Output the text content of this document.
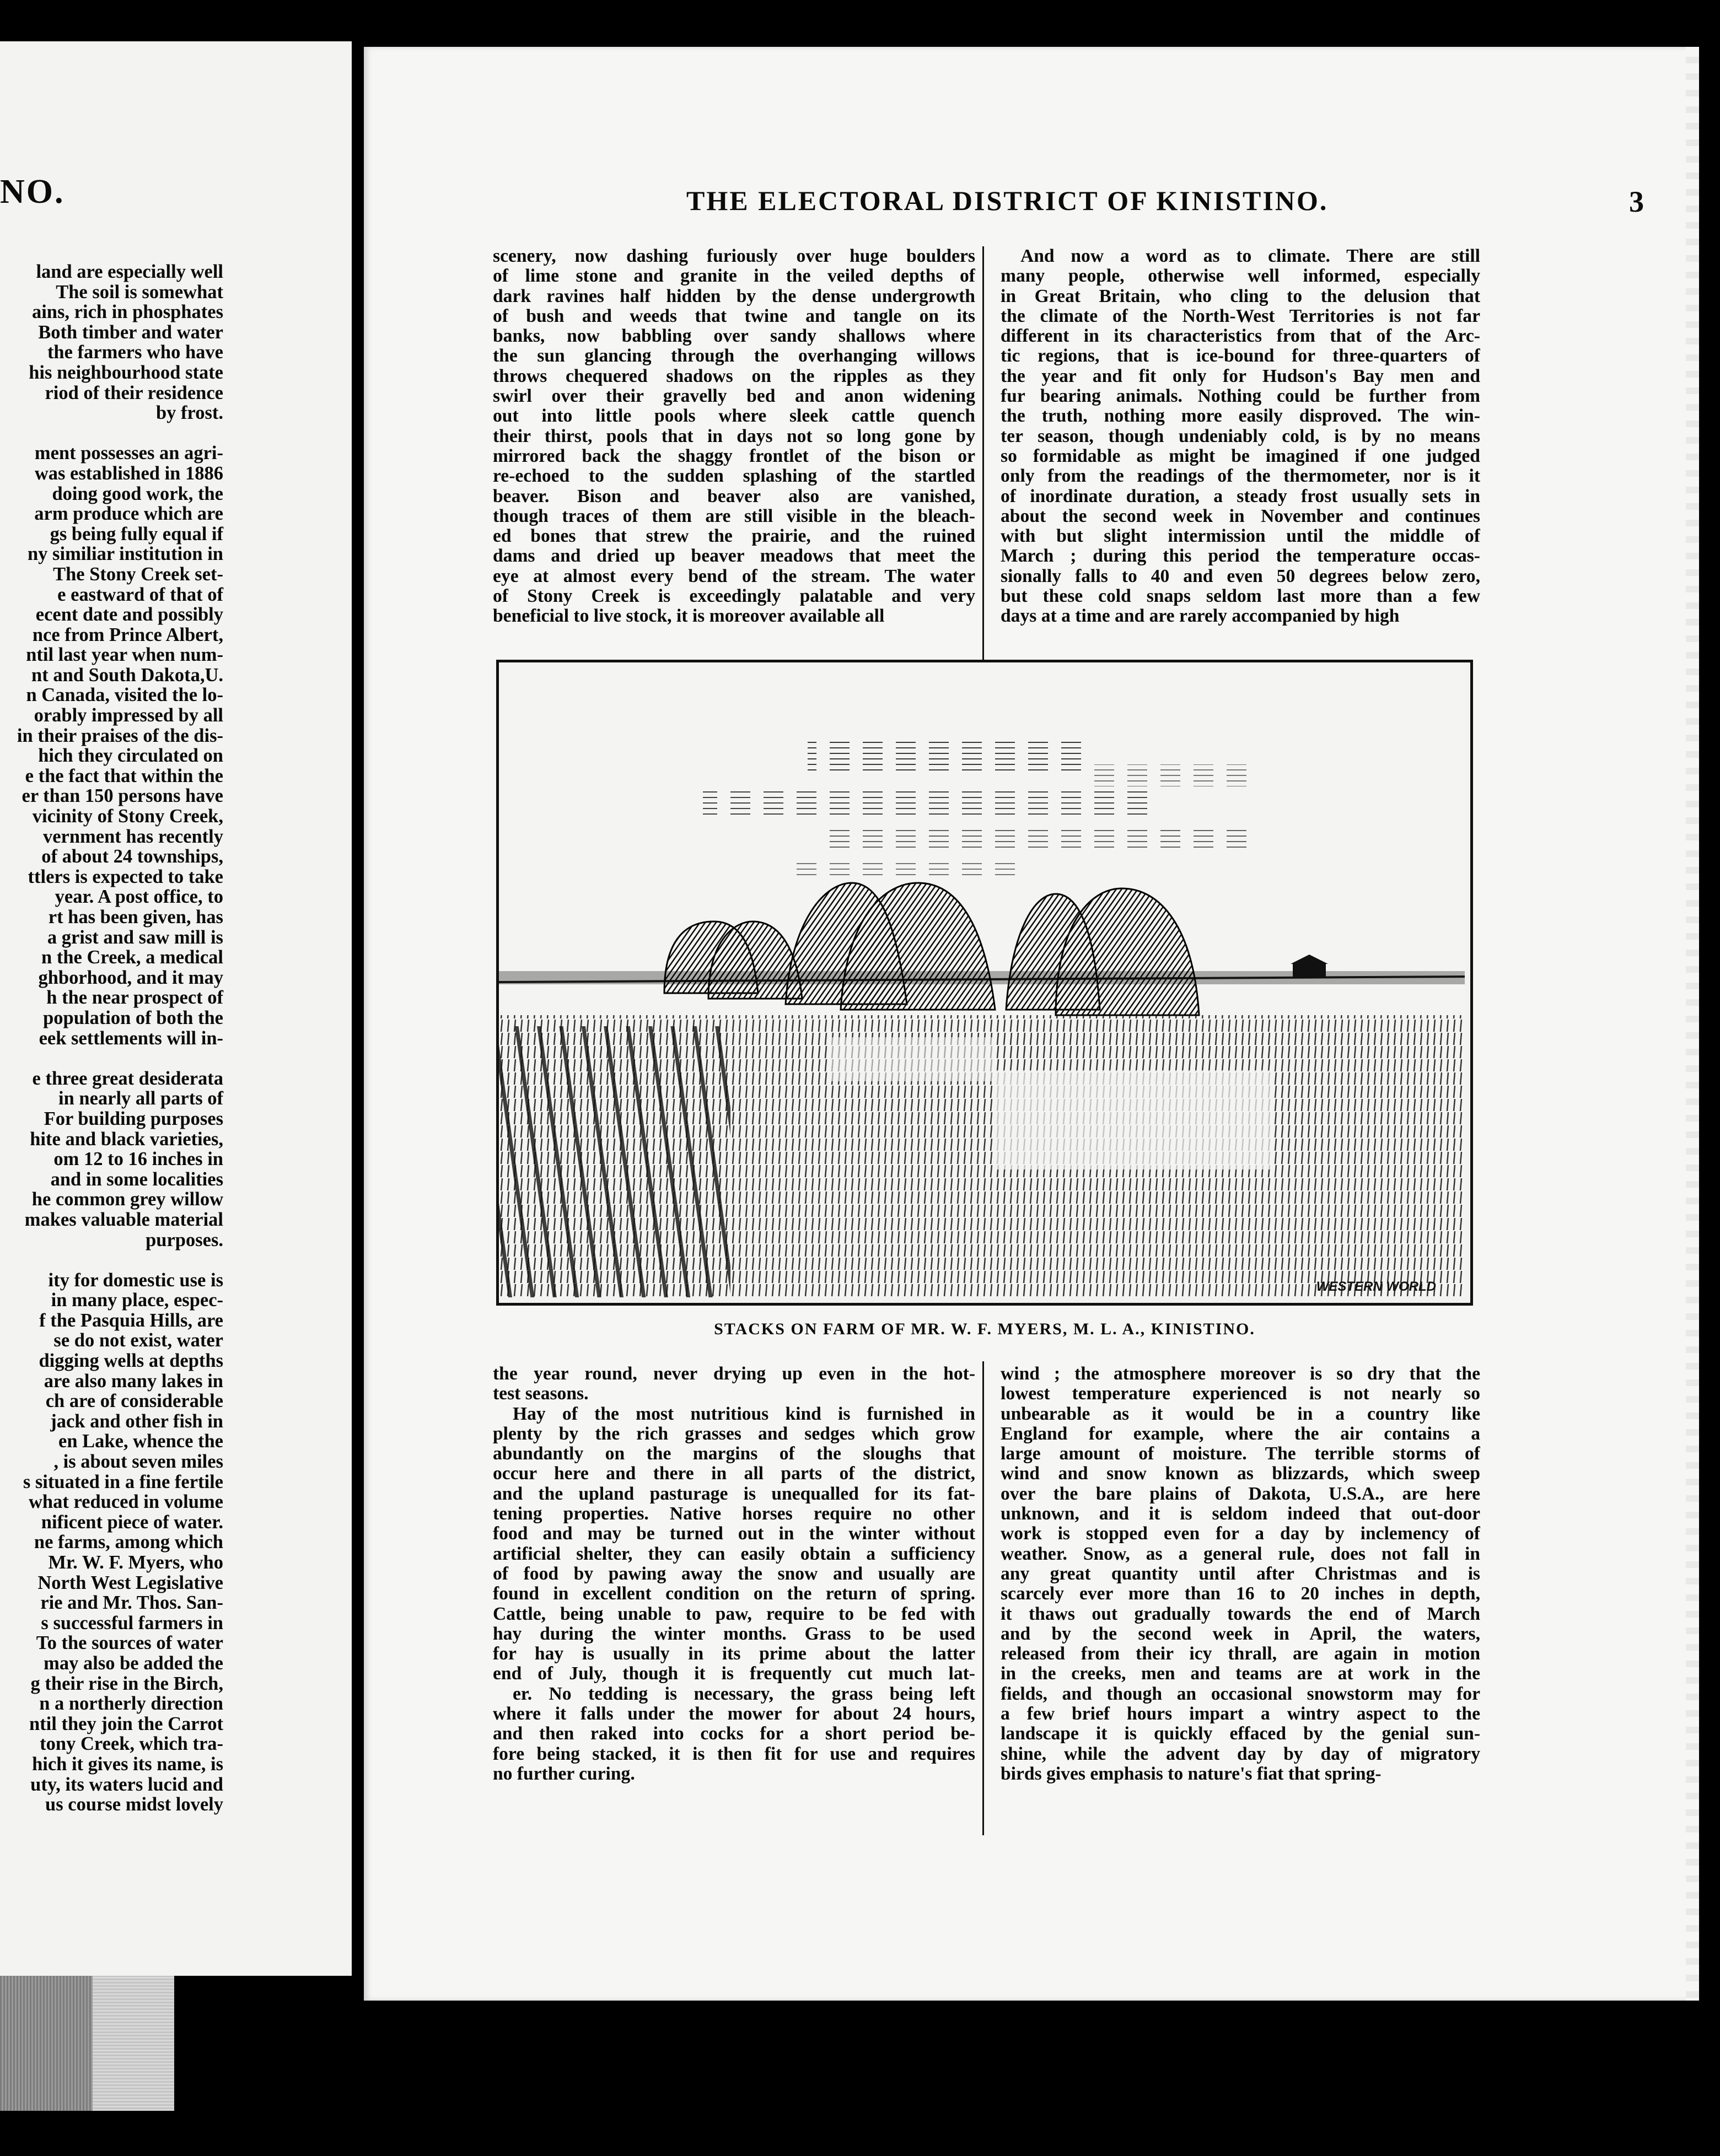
NO.
land are especially well
The soil is somewhat
ains, rich in phosphates
Both timber and water
the farmers who have
his neighbourhood state
riod of their residence
by frost.
ment possesses an agri-
was established in 1886
doing good work, the
arm produce which are
gs being fully equal if
ny similiar institution in
The Stony Creek set-
e eastward of that of
ecent date and possibly
nce from Prince Albert,
ntil last year when num-
nt and South Dakota,U.
n Canada, visited the lo-
orably impressed by all
in their praises of the dis-
hich they circulated on
e the fact that within the
er than 150 persons have
vicinity of Stony Creek,
vernment has recently
of about 24 townships,
ttlers is expected to take
year. A post office, to
rt has been given, has
a grist and saw mill is
n the Creek, a medical
ghborhood, and it may
h the near prospect of
population of both the
eek settlements will in-
e three great desiderata
in nearly all parts of
For building purposes
hite and black varieties,
om 12 to 16 inches in
and in some localities
he common grey willow
makes valuable material
purposes.
ity for domestic use is
in many place, espec-
f the Pasquia Hills, are
se do not exist, water
digging wells at depths
are also many lakes in
ch are of considerable
jack and other fish in
en Lake, whence the
, is about seven miles
s situated in a fine fertile
what reduced in volume
nificent piece of water.
ne farms, among which
Mr. W. F. Myers, who
North West Legislative
rie and Mr. Thos. San-
s successful farmers in
To the sources of water
may also be added the
g their rise in the Birch,
n a northerly direction
ntil they join the Carrot
tony Creek, which tra-
hich it gives its name, is
uty, its waters lucid and
us course midst lovely
THE ELECTORAL DISTRICT OF KINISTINO.	3
scenery, now dashing furiously over huge boulders
of lime stone and granite in the veiled depths of
dark ravines half hidden by the dense undergrowth
of bush and weeds that twine and tangle on its
banks, now babbling over sandy shallows where
the sun glancing through the overhanging willows
throws chequered shadows on the ripples as they
swirl over their gravelly bed and anon widening
out into little pools where sleek cattle quench
their thirst, pools that in days not so long gone by
mirrored back the shaggy frontlet of the bison or
re-echoed to the sudden splashing of the startled
beaver. Bison and beaver also are vanished,
though traces of them are still visible in the bleach-
ed bones that strew the prairie, and the ruined
dams and dried up beaver meadows that meet the
eye at almost every bend of the stream. The water
of Stony Creek is exceedingly palatable and very
beneficial to live stock, it is moreover available all
And now a word as to climate. There are still
many people, otherwise well informed, especially
in Great Britain, who cling to the delusion that
the climate of the North-West Territories is not far
different in its characteristics from that of the Arc-
tic regions, that is ice-bound for three-quarters of
the year and fit only for Hudson's Bay men and
fur bearing animals. Nothing could be further from
the truth, nothing more easily disproved. The win-
ter season, though undeniably cold, is by no means
so formidable as might be imagined if one judged
only from the readings of the thermometer, nor is it
of inordinate duration, a steady frost usually sets in
about the second week in November and continues
with but slight intermission until the middle of
March ; during this period the temperature occas-
sionally falls to 40 and even 50 degrees below zero,
but these cold snaps seldom last more than a few
days at a time and are rarely accompanied by high
WESTERN WORLD
STACKS ON FARM OF MR. W. F. MYERS, M. L. A., KINISTINO.
the year round, never drying up even in the hot-
test seasons.
Hay of the most nutritious kind is furnished in
plenty by the rich grasses and sedges which grow
abundantly on the margins of the sloughs that
occur here and there in all parts of the district,
and the upland pasturage is unequalled for its fat-
tening properties. Native horses require no other
food and may be turned out in the winter without
artificial shelter, they can easily obtain a sufficiency
of food by pawing away the snow and usually are
found in excellent condition on the return of spring.
Cattle, being unable to paw, require to be fed with
hay during the winter months. Grass to be used
for hay is usually in its prime about the latter
end of July, though it is frequently cut much lat-
er. No tedding is necessary, the grass being left
where it falls under the mower for about 24 hours,
and then raked into cocks for a short period be-
fore being stacked, it is then fit for use and requires
no further curing.
wind ; the atmosphere moreover is so dry that the
lowest temperature experienced is not nearly so
unbearable as it would be in a country like
England for example, where the air contains a
large amount of moisture. The terrible storms of
wind and snow known as blizzards, which sweep
over the bare plains of Dakota, U.S.A., are here
unknown, and it is seldom indeed that out-door
work is stopped even for a day by inclemency of
weather. Snow, as a general rule, does not fall in
any great quantity until after Christmas and is
scarcely ever more than 16 to 20 inches in depth,
it thaws out gradually towards the end of March
and by the second week in April, the waters,
released from their icy thrall, are again in motion
in the creeks, men and teams are at work in the
fields, and though an occasional snowstorm may for
a few brief hours impart a wintry aspect to the
landscape it is quickly effaced by the genial sun-
shine, while the advent day by day of migratory
birds gives emphasis to nature's fiat that spring-
